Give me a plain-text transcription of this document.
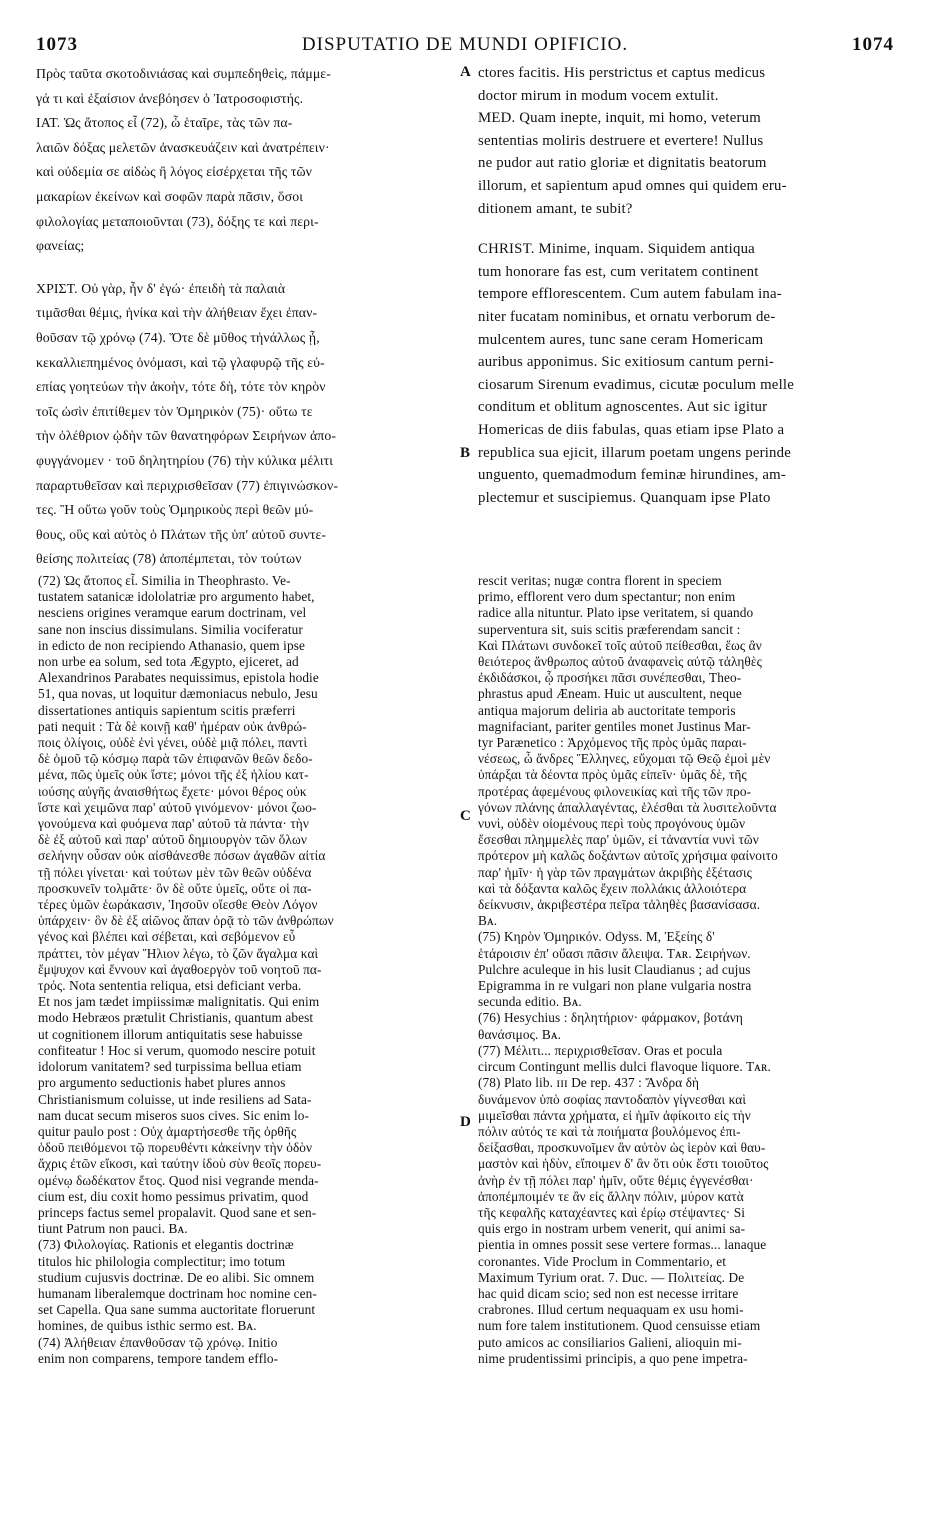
1073	DISPUTATIO DE MUNDI OPIFICIO.	1074
Πρὸς ταῦτα σκοτοδινιάσας καὶ συμπεδηθεὶς, πάμμε-
γά τι καὶ ἐξαίσιον ἀνεβόησεν ὁ Ἰατροσοφιστής.
ΙΑΤ. Ὡς ἄτοπος εἶ (72), ὦ ἑταῖρε, τὰς τῶν πα-
λαιῶν δόξας μελετῶν ἀνασκευάζειν καὶ ἀνατρέπειν·
καὶ οὐδεμία σε αἰδὼς ἢ λόγος εἰσέρχεται τῆς τῶν
μακαρίων ἐκείνων καὶ σοφῶν παρὰ πᾶσιν, ὅσοι
φιλολογίας μεταποιοῦνται (73), δόξης τε καὶ περι-
φανείας;
ΧΡΙΣΤ. Οὐ γὰρ, ἦν δ' ἐγώ· ἐπειδὴ τὰ παλαιὰ
τιμᾶσθαι θέμις, ἡνίκα καὶ τὴν ἀλήθειαν ἔχει ἐπαν-
θοῦσαν τῷ χρόνῳ (74). Ὅτε δὲ μῦθος τἠνάλλως ᾖ,
κεκαλλιεπημένος ὀνόμασι, καὶ τῷ γλαφυρῷ τῆς εὐ-
επίας γοητεύων τὴν ἀκοὴν, τότε δὴ, τότε τὸν κηρὸν
τοῖς ὠσὶν ἐπιτίθεμεν τὸν Ὁμηρικὸν (75)· οὕτω τε
τὴν ὀλέθριον ᾠδὴν τῶν θανατηφόρων Σειρήνων ἀπο-
φυγγάνομεν · τοῦ δηλητηρίου (76) τὴν κύλικα μέλιτι
παραρτυθεῖσαν καὶ περιχρισθεῖσαν (77) ἐπιγινώσκον-
τες. Ἢ οὕτω γοῦν τοὺς Ὁμηρικοὺς περὶ θεῶν μύ-
θους, οὓς καὶ αὐτὸς ὁ Πλάτων τῆς ὑπ' αὐτοῦ συντε-
θείσης πολιτείας (78) ἀποπέμπεται, τὸν τούτων
ctores facitis. His perstrictus et captus medicus
doctor mirum in modum vocem extulit.
MED. Quam inepte, inquit, mi homo, veterum
sententias moliris destruere et evertere! Nullus
ne pudor aut ratio gloriæ et dignitatis beatorum
illorum, et sapientum apud omnes qui quidem eru-
ditionem amant, te subit?
CHRIST. Minime, inquam. Siquidem antiqua
tum honorare fas est, cum veritatem continent
tempore efflorescentem. Cum autem fabulam ina-
niter fucatam nominibus, et ornatu verborum de-
mulcentem aures, tunc sane ceram Homericam
auribus apponimus. Sic exitiosum cantum perni-
ciosarum Sirenum evadimus, cicutæ poculum melle
conditum et oblitum agnoscentes. Aut sic igitur
Homericas de diis fabulas, quas etiam ipse Plato a
republica sua ejicit, illarum poetam ungens perinde
unguento, quemadmodum feminæ hirundines, am-
plectemur et suscipiemus. Quanquam ipse Plato
(72) Ὡς ἄτοπος εἶ. Similia in Theophrasto. Ve-
tustatem satanicæ idololatriæ pro argumento habet,
nesciens origines veramque earum doctrinam, vel
sane non inscius dissimulans. Similia vociferatur
in edicto de non recipiendo Athanasio, quem ipse
non urbe ea solum, sed tota Ægypto, ejiceret, ad
Alexandrinos Parabates nequissimus, epistola hodie
51, qua novas, ut loquitur dæmoniacus nebulo, Jesu
dissertationes antiquis sapientum scitis præferri
pati nequit : Τὰ δὲ κοινῇ καθ' ἡμέραν οὐκ ἀνθρώ-
ποις ὀλίγοις, οὐδὲ ἑνὶ γένει, οὐδὲ μιᾷ πόλει, παντὶ
δὲ ὁμοῦ τῷ κόσμῳ παρὰ τῶν ἐπιφανῶν θεῶν δεδο-
μένα, πῶς ὑμεῖς οὐκ ἴστε; μόνοι τῆς ἐξ ἡλίου κατ-
ιούσης αὐγῆς ἀναισθήτως ἔχετε· μόνοι θέρος οὐκ
ἴστε καὶ χειμῶνα παρ' αὐτοῦ γινόμενον· μόνοι ζωο-
γονούμενα καὶ φυόμενα παρ' αὐτοῦ τὰ πάντα· τὴν
δὲ ἐξ αὐτοῦ καὶ παρ' αὐτοῦ δημιουργὸν τῶν ὅλων
σελήνην οὖσαν οὐκ αἰσθάνεσθε πόσων ἀγαθῶν αἰτία
τῇ πόλει γίνεται· καὶ τούτων μὲν τῶν θεῶν οὐδένα
προσκυνεῖν τολμᾶτε· ὃν δὲ οὔτε ὑμεῖς, οὔτε οἱ πα-
τέρες ὑμῶν ἑωράκασιν, Ἰησοῦν οἴεσθε Θεὸν Λόγον
ὑπάρχειν· ὃν δὲ ἐξ αἰῶνος ἅπαν ὁρᾷ τὸ τῶν ἀνθρώπων
γένος καὶ βλέπει καὶ σέβεται, καὶ σεβόμενον εὖ
πράττει, τὸν μέγαν Ἥλιον λέγω, τὸ ζῶν ἄγαλμα καὶ
ἔμψυχον καὶ ἔννουν καὶ ἀγαθοεργὸν τοῦ νοητοῦ πα-
τρός. Nota sententia reliqua, etsi deficiant verba.
Et nos jam tædet impiissimæ malignitatis. Qui enim
modo Hebræos prætulit Christianis, quantum abest
ut cognitionem illorum antiquitatis sese habuisse
confiteatur ! Hoc si verum, quomodo nescire potuit
idolorum vanitatem? sed turpissima bellua etiam
pro argumento seductionis habet plures annos
Christianismum coluisse, ut inde resiliens ad Sata-
nam ducat secum miseros suos cives. Sic enim lo-
quitur paulo post : Οὐχ ἁμαρτήσεσθε τῆς ὀρθῆς
ὁδοῦ πειθόμενοι τῷ πορευθέντι κἀκείνην τὴν ὁδὸν
ἄχρις ἐτῶν εἴκοσι, καὶ ταύτην ἰδοὺ σὺν θεοῖς πορευ-
ομένῳ δωδέκατον ἔτος. Quod nisi vegrande menda-
cium est, diu coxit homo pessimus privatim, quod
princeps factus semel propalavit. Quod sane et sen-
tiunt Patrum non pauci. Bᴀ.
(73) Φιλολογίας. Rationis et elegantis doctrinæ
titulos hic philologia complectitur; imo totum
studium cujusvis doctrinæ. De eo alibi. Sic omnem
humanam liberalemque doctrinam hoc nomine cen-
set Capella. Qua sane summa auctoritate floruerunt
homines, de quibus isthic sermo est. Bᴀ.
(74) Ἀλήθειαν ἐπανθοῦσαν τῷ χρόνῳ. Initio
enim non comparens, tempore tandem efflo-
rescit veritas; nugæ contra florent in speciem
primo, efflorent vero dum spectantur; non enim
radice alla nituntur. Plato ipse veritatem, si quando
superventura sit, suis scitis præferendam sancit :
Καὶ Πλάτωνι συνδοκεῖ τοῖς αὐτοῦ πείθεσθαι, ἕως ἂν
θειότερος ἄνθρωπος αὐτοῦ ἀναφανεὶς αὐτῷ τἀληθὲς
ἐκδιδάσκοι, ᾧ προσήκει πᾶσι συνέπεσθαι, Theo-
phrastus apud Æneam. Huic ut auscultent, neque
antiqua majorum deliria ab auctoritate temporis
magnifaciant, pariter gentiles monet Justinus Mar-
tyr Parænetico : Ἀρχόμενος τῆς πρὸς ὑμᾶς παραι-
νέσεως, ὦ ἄνδρες Ἕλληνες, εὔχομαι τῷ Θεῷ ἐμοὶ μὲν
ὑπάρξαι τὰ δέοντα πρὸς ὑμᾶς εἰπεῖν· ὑμᾶς δὲ, τῆς
προτέρας ἀφεμένους φιλονεικίας καὶ τῆς τῶν προ-
γόνων πλάνης ἀπαλλαγέντας, ἑλέσθαι τὰ λυσιτελοῦντα
νυνὶ, οὐδὲν οἰομένους περὶ τοὺς προγόνους ὑμῶν
ἔσεσθαι πλημμελὲς παρ' ὑμῶν, εἰ τἀναντία νυνὶ τῶν
πρότερον μὴ καλῶς δοξάντων αὐτοῖς χρήσιμα φαίνοιτο
παρ' ἡμῖν· ἡ γὰρ τῶν πραγμάτων ἀκριβὴς ἐξέτασις
καὶ τὰ δόξαντα καλῶς ἔχειν πολλάκις ἀλλοιότερα
δείκνυσιν, ἀκριβεστέρα πεῖρα τἀληθὲς βασανίσασα.
Bᴀ.
(75) Κηρὸν Ὁμηρικόν. Odyss. M, Ἐξείης δ'
ἑτάροισιν ἐπ' οὔασι πᾶσιν ἄλειψα. Tᴀʀ. Σειρήνων.
Pulchre aculeque in his lusit Claudianus ; ad cujus
Epigramma in re vulgari non plane vulgaria nostra
secunda editio. Bᴀ.
(76) Hesychius : δηλητήριον· φάρμακον, βοτάνη
θανάσιμος. Bᴀ.
(77) Μέλιτι... περιχρισθεῖσαν. Oras et pocula
circum Contingunt mellis dulci flavoque liquore. Tᴀʀ.
(78) Plato lib. ɪɪɪ De rep. 437 : Ἄνδρα δὴ
δυνάμενον ὑπὸ σοφίας παντοδαπὸν γίγνεσθαι καὶ
μιμεῖσθαι πάντα χρήματα, εἰ ἡμῖν ἀφίκοιτο εἰς τὴν
πόλιν αὐτός τε καὶ τὰ ποιήματα βουλόμενος ἐπι-
δείξασθαι, προσκυνοῖμεν ἂν αὐτὸν ὡς ἱερὸν καὶ θαυ-
μαστὸν καὶ ἡδὺν, εἴποιμεν δ' ἂν ὅτι οὐκ ἔστι τοιοῦτος
ἀνὴρ ἐν τῇ πόλει παρ' ἡμῖν, οὔτε θέμις ἐγγενέσθαι·
ἀποπέμποιμέν τε ἂν εἰς ἄλλην πόλιν, μύρον κατὰ
τῆς κεφαλῆς καταχέαντες καὶ ἐρίῳ στέψαντες· Si
quis ergo in nostram urbem venerit, qui animi sa-
pientia in omnes possit sese vertere formas... lanaque
coronantes. Vide Proclum in Commentario, et
Maximum Tyrium orat. 7. Duc. — Πολιτείας. De
hac quid dicam scio; sed non est necesse irritare
crabrones. Illud certum nequaquam ex usu homi-
num fore talem institutionem. Quod censuisse etiam
puto amicos ac consiliarios Galieni, alioquin mi-
nime prudentissimi principis, a quo pene impetra-
A
B
C
D
